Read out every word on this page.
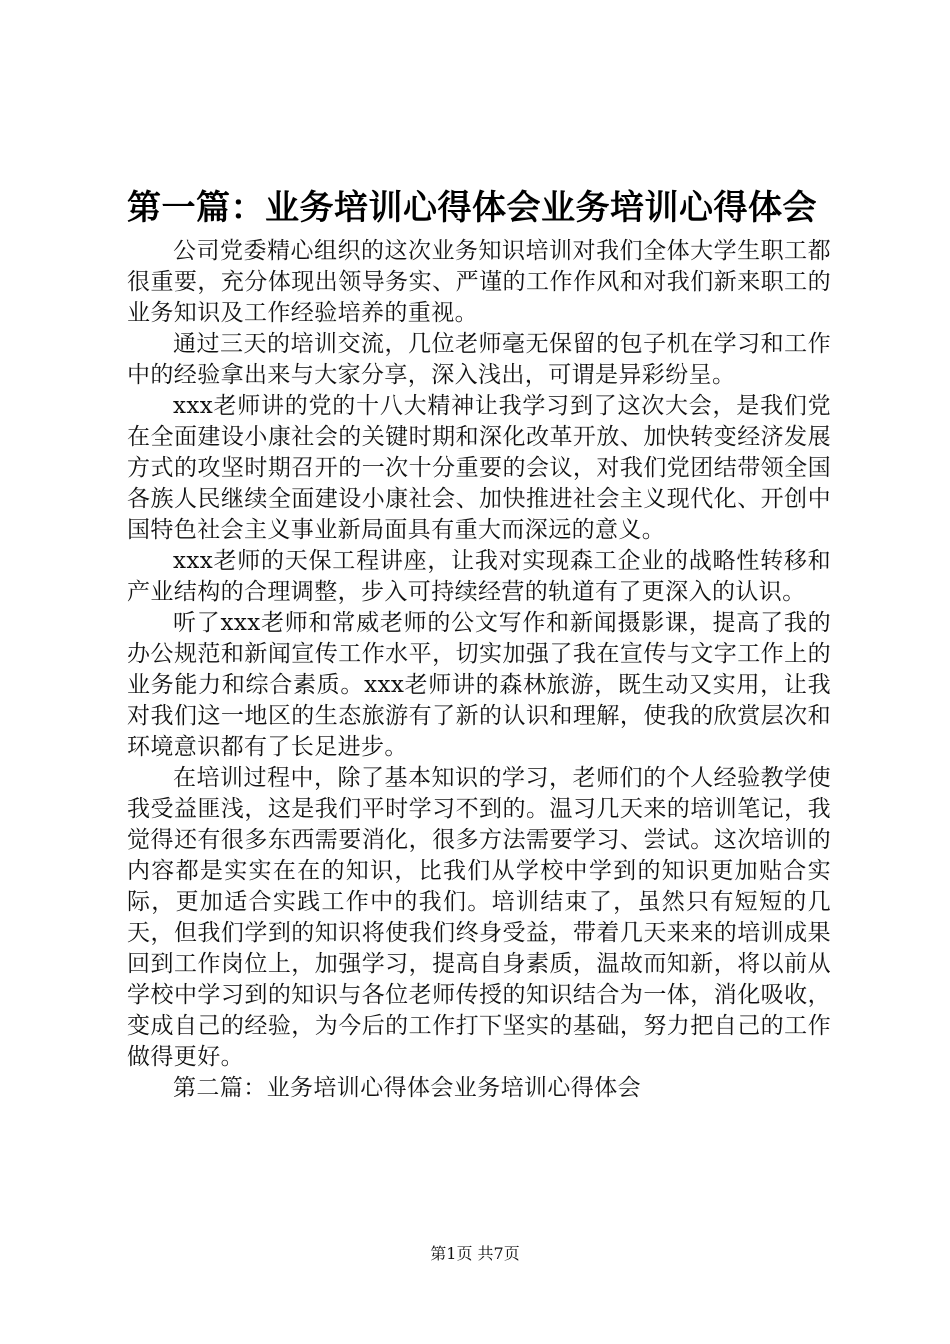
第一篇：业务培训心得体会业务培训心得体会

公司党委精心组织的这次业务知识培训对我们全体大学生职工都很重要，充分体现出领导务实、严谨的工作作风和对我们新来职工的业务知识及工作经验培养的重视。

通过三天的培训交流，几位老师毫无保留的包子机在学习和工作中的经验拿出来与大家分享，深入浅出，可谓是异彩纷呈。

xxx老师讲的党的十八大精神让我学习到了这次大会，是我们党在全面建设小康社会的关键时期和深化改革开放、加快转变经济发展方式的攻坚时期召开的一次十分重要的会议，对我们党团结带领全国各族人民继续全面建设小康社会、加快推进社会主义现代化、开创中国特色社会主义事业新局面具有重大而深远的意义。

xxx老师的天保工程讲座，让我对实现森工企业的战略性转移和产业结构的合理调整，步入可持续经营的轨道有了更深入的认识。

听了xxx老师和常威老师的公文写作和新闻摄影课，提高了我的办公规范和新闻宣传工作水平，切实加强了我在宣传与文字工作上的业务能力和综合素质。xxx老师讲的森林旅游，既生动又实用，让我对我们这一地区的生态旅游有了新的认识和理解，使我的欣赏层次和环境意识都有了长足进步。

在培训过程中，除了基本知识的学习，老师们的个人经验教学使我受益匪浅，这是我们平时学习不到的。温习几天来的培训笔记，我觉得还有很多东西需要消化，很多方法需要学习、尝试。这次培训的内容都是实实在在的知识，比我们从学校中学到的知识更加贴合实际，更加适合实践工作中的我们。培训结束了，虽然只有短短的几天，但我们学到的知识将使我们终身受益，带着几天来来的培训成果回到工作岗位上，加强学习，提高自身素质，温故而知新，将以前从学校中学习到的知识与各位老师传授的知识结合为一体，消化吸收，变成自己的经验，为今后的工作打下坚实的基础，努力把自己的工作做得更好。

第二篇：业务培训心得体会业务培训心得体会

第1页 共7页
